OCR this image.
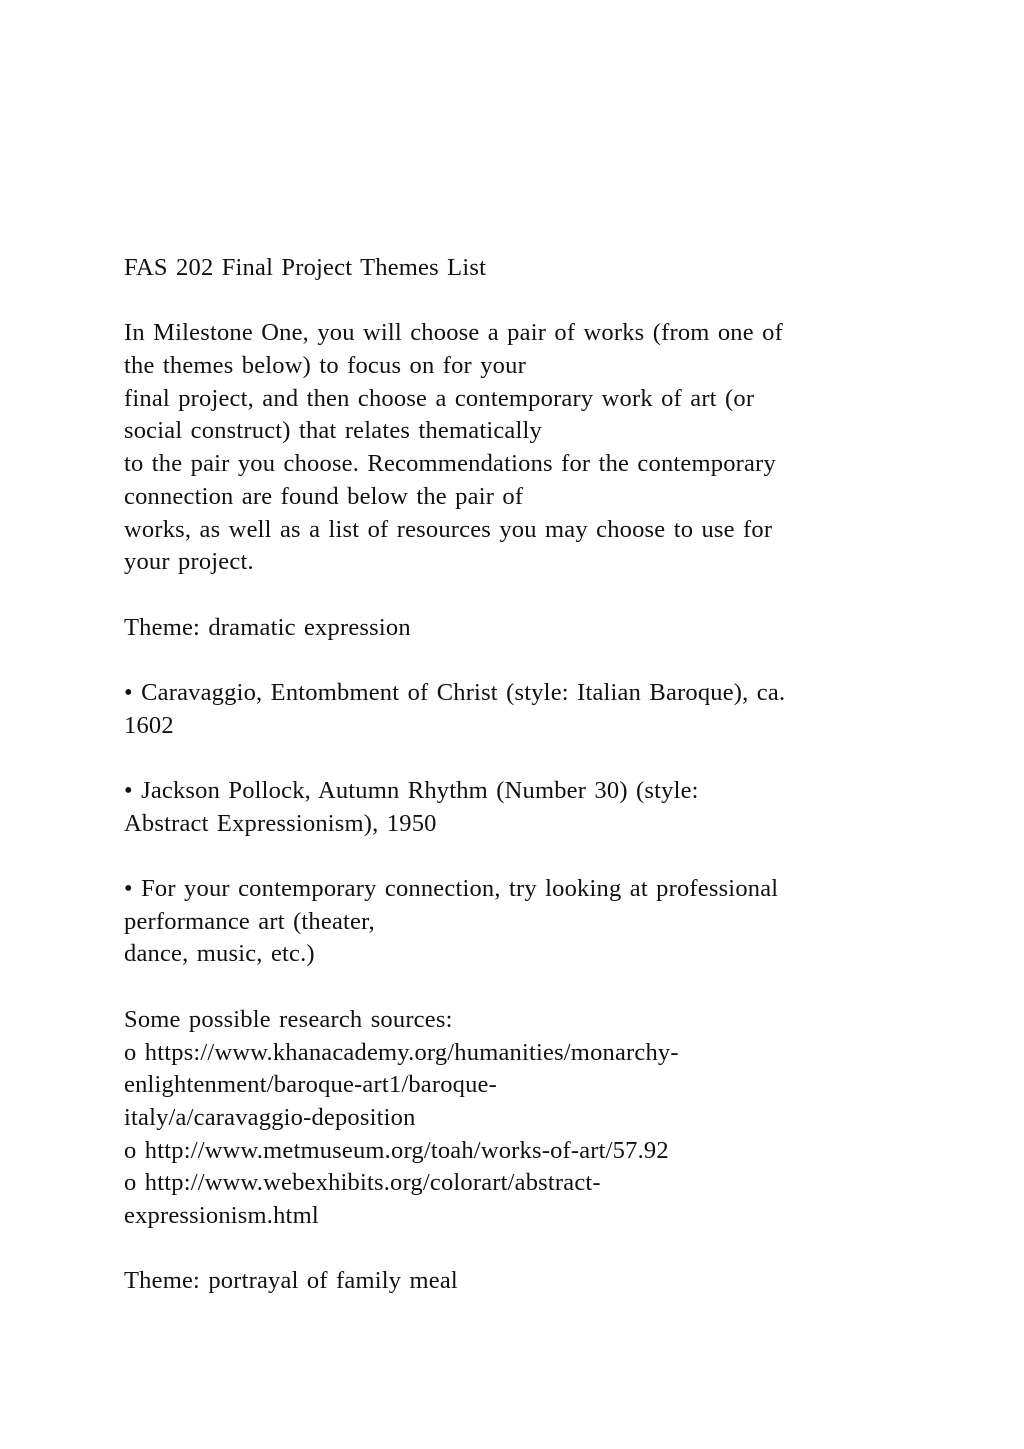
FAS 202 Final Project Themes List
In Milestone One, you will choose a pair of works (from one of
the themes below) to focus on for your
final project, and then choose a contemporary work of art (or
social construct) that relates thematically
to the pair you choose. Recommendations for the contemporary
connection are found below the pair of
works, as well as a list of resources you may choose to use for
your project.
Theme: dramatic expression
• Caravaggio, Entombment of Christ (style: Italian Baroque), ca.
1602
• Jackson Pollock, Autumn Rhythm (Number 30) (style:
Abstract Expressionism), 1950
• For your contemporary connection, try looking at professional
performance art (theater,
dance, music, etc.)
Some possible research sources:
o https://www.khanacademy.org/humanities/monarchy-
enlightenment/baroque-art1/baroque-
italy/a/caravaggio-deposition
o http://www.metmuseum.org/toah/works-of-art/57.92
o http://www.webexhibits.org/colorart/abstract-
expressionism.html
Theme: portrayal of family meal
